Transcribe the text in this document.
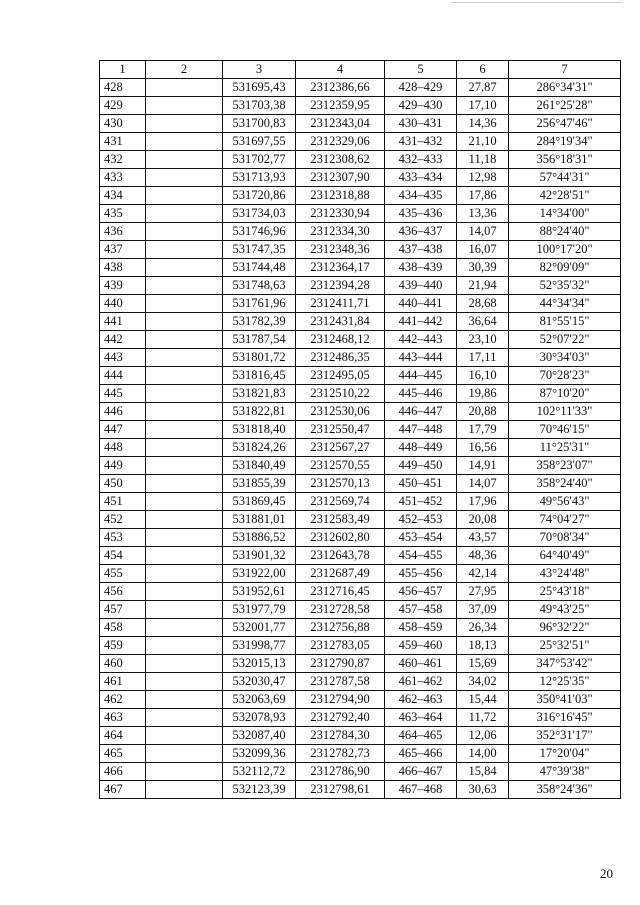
1	2	3	4	5	6	7
428		531695,43	2312386,66	428–429	27,87	286°34'31"
429		531703,38	2312359,95	429–430	17,10	261°25'28"
430		531700,83	2312343,04	430–431	14,36	256°47'46"
431		531697,55	2312329,06	431–432	21,10	284°19'34"
432		531702,77	2312308,62	432–433	11,18	356°18'31"
433		531713,93	2312307,90	433–434	12,98	57°44'31"
434		531720,86	2312318,88	434–435	17,86	42°28'51"
435		531734,03	2312330,94	435–436	13,36	14°34'00"
436		531746,96	2312334,30	436–437	14,07	88°24'40"
437		531747,35	2312348,36	437–438	16,07	100°17'20"
438		531744,48	2312364,17	438–439	30,39	82°09'09"
439		531748,63	2312394,28	439–440	21,94	52°35'32"
440		531761,96	2312411,71	440–441	28,68	44°34'34"
441		531782,39	2312431,84	441–442	36,64	81°55'15"
442		531787,54	2312468,12	442–443	23,10	52°07'22"
443		531801,72	2312486,35	443–444	17,11	30°34'03"
444		531816,45	2312495,05	444–445	16,10	70°28'23"
445		531821,83	2312510,22	445–446	19,86	87°10'20"
446		531822,81	2312530,06	446–447	20,88	102°11'33"
447		531818,40	2312550,47	447–448	17,79	70°46'15"
448		531824,26	2312567,27	448–449	16,56	11°25'31"
449		531840,49	2312570,55	449–450	14,91	358°23'07"
450		531855,39	2312570,13	450–451	14,07	358°24'40"
451		531869,45	2312569,74	451–452	17,96	49°56'43"
452		531881,01	2312583,49	452–453	20,08	74°04'27"
453		531886,52	2312602,80	453–454	43,57	70°08'34"
454		531901,32	2312643,78	454–455	48,36	64°40'49"
455		531922,00	2312687,49	455–456	42,14	43°24'48"
456		531952,61	2312716,45	456–457	27,95	25°43'18"
457		531977,79	2312728,58	457–458	37,09	49°43'25"
458		532001,77	2312756,88	458–459	26,34	96°32'22"
459		531998,77	2312783,05	459–460	18,13	25°32'51"
460		532015,13	2312790,87	460–461	15,69	347°53'42"
461		532030,47	2312787,58	461–462	34,02	12°25'35"
462		532063,69	2312794,90	462–463	15,44	350°41'03"
463		532078,93	2312792,40	463–464	11,72	316°16'45"
464		532087,40	2312784,30	464–465	12,06	352°31'17"
465		532099,36	2312782,73	465–466	14,00	17°20'04"
466		532112,72	2312786,90	466–467	15,84	47°39'38"
467		532123,39	2312798,61	467–468	30,63	358°24'36"
20
